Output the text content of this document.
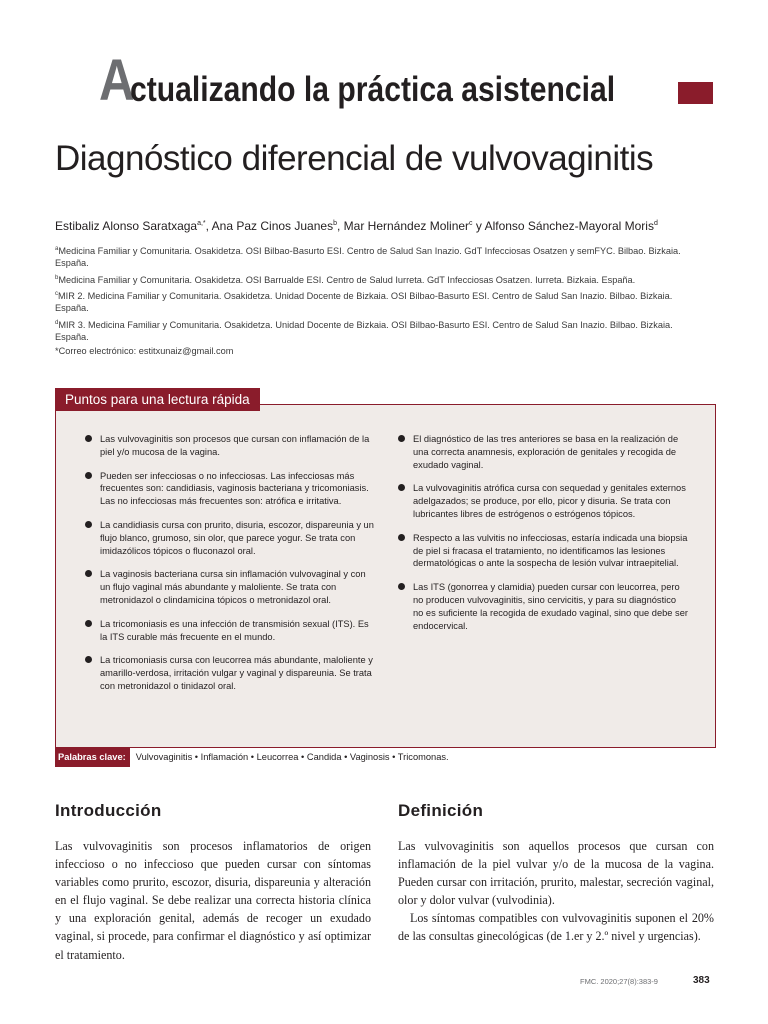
A
ctualizando la práctica asistencial
Diagnóstico diferencial de vulvovaginitis
Estibaliz Alonso Saratxaga$^{a,*}$, Ana Paz Cinos Juanes$^b$, Mar Hernández Moliner$^c$ y Alfonso Sánchez-Mayoral Moris$^d$
$^a$Medicina Familiar y Comunitaria. Osakidetza. OSI Bilbao-Basurto ESI. Centro de Salud San Inazio. GdT Infecciosas Osatzen y semFYC. Bilbao. Bizkaia. España.
$^b$Medicina Familiar y Comunitaria. Osakidetza. OSI Barrualde ESI. Centro de Salud Iurreta. GdT Infecciosas Osatzen. Iurreta. Bizkaia. España.
$^c$MIR 2. Medicina Familiar y Comunitaria. Osakidetza. Unidad Docente de Bizkaia. OSI Bilbao-Basurto ESI. Centro de Salud San Inazio. Bilbao. Bizkaia. España.
$^d$MIR 3. Medicina Familiar y Comunitaria. Osakidetza. Unidad Docente de Bizkaia. OSI Bilbao-Basurto ESI. Centro de Salud San Inazio. Bilbao. Bizkaia. España.
*Correo electrónico: estitxunaiz@gmail.com
Puntos para una lectura rápida
Las vulvovaginitis son procesos que cursan con inflamación de la piel y/o mucosa de la vagina.
Pueden ser infecciosas o no infecciosas. Las infecciosas más frecuentes son: candidiasis, vaginosis bacteriana y tricomoniasis. Las no infecciosas más frecuentes son: atrófica e irritativa.
La candidiasis cursa con prurito, disuria, escozor, dispareunia y un flujo blanco, grumoso, sin olor, que parece yogur. Se trata con imidazólicos tópicos o fluconazol oral.
La vaginosis bacteriana cursa sin inflamación vulvovaginal y con un flujo vaginal más abundante y maloliente. Se trata con metronidazol o clindamicina tópicos o metronidazol oral.
La tricomoniasis es una infección de transmisión sexual (ITS). Es la ITS curable más frecuente en el mundo.
La tricomoniasis cursa con leucorrea más abundante, maloliente y amarillo-verdosa, irritación vulgar y vaginal y dispareunia. Se trata con metronidazol o tinidazol oral.
El diagnóstico de las tres anteriores se basa en la realización de una correcta anamnesis, exploración de genitales y recogida de exudado vaginal.
La vulvovaginitis atrófica cursa con sequedad y genitales externos adelgazados; se produce, por ello, picor y disuria. Se trata con lubricantes libres de estrógenos o estrógenos tópicos.
Respecto a las vulvitis no infecciosas, estaría indicada una biopsia de piel si fracasa el tratamiento, no identificamos las lesiones dermatológicas o ante la sospecha de lesión vulvar intraepitelial.
Las ITS (gonorrea y clamidia) pueden cursar con leucorrea, pero no producen vulvovaginitis, sino cervicitis, y para su diagnóstico no es suficiente la recogida de exudado vaginal, sino que debe ser endocervical.
Palabras clave: Vulvovaginitis • Inflamación • Leucorrea • Candida • Vaginosis • Tricomonas.
Introducción	Definición

Las vulvovaginitis son procesos inflamatorios de origen infeccioso o no infeccioso que pueden cursar con síntomas variables como prurito, escozor, disuria, dispareunia y alteración en el flujo vaginal. Se debe realizar una correcta historia clínica y una exploración genital, además de recoger un exudado vaginal, si procede, para confirmar el diagnóstico y así optimizar el tratamiento.

Las vulvovaginitis son aquellos procesos que cursan con inflamación de la piel vulvar y/o de la mucosa de la vagina. Pueden cursar con irritación, prurito, malestar, secreción vaginal, olor y dolor vulvar (vulvodinia).

Los síntomas compatibles con vulvovaginitis suponen el 20% de las consultas ginecológicas (de 1.er y 2.º nivel y urgencias).

FMC. 2020;27(8):383-9	383
